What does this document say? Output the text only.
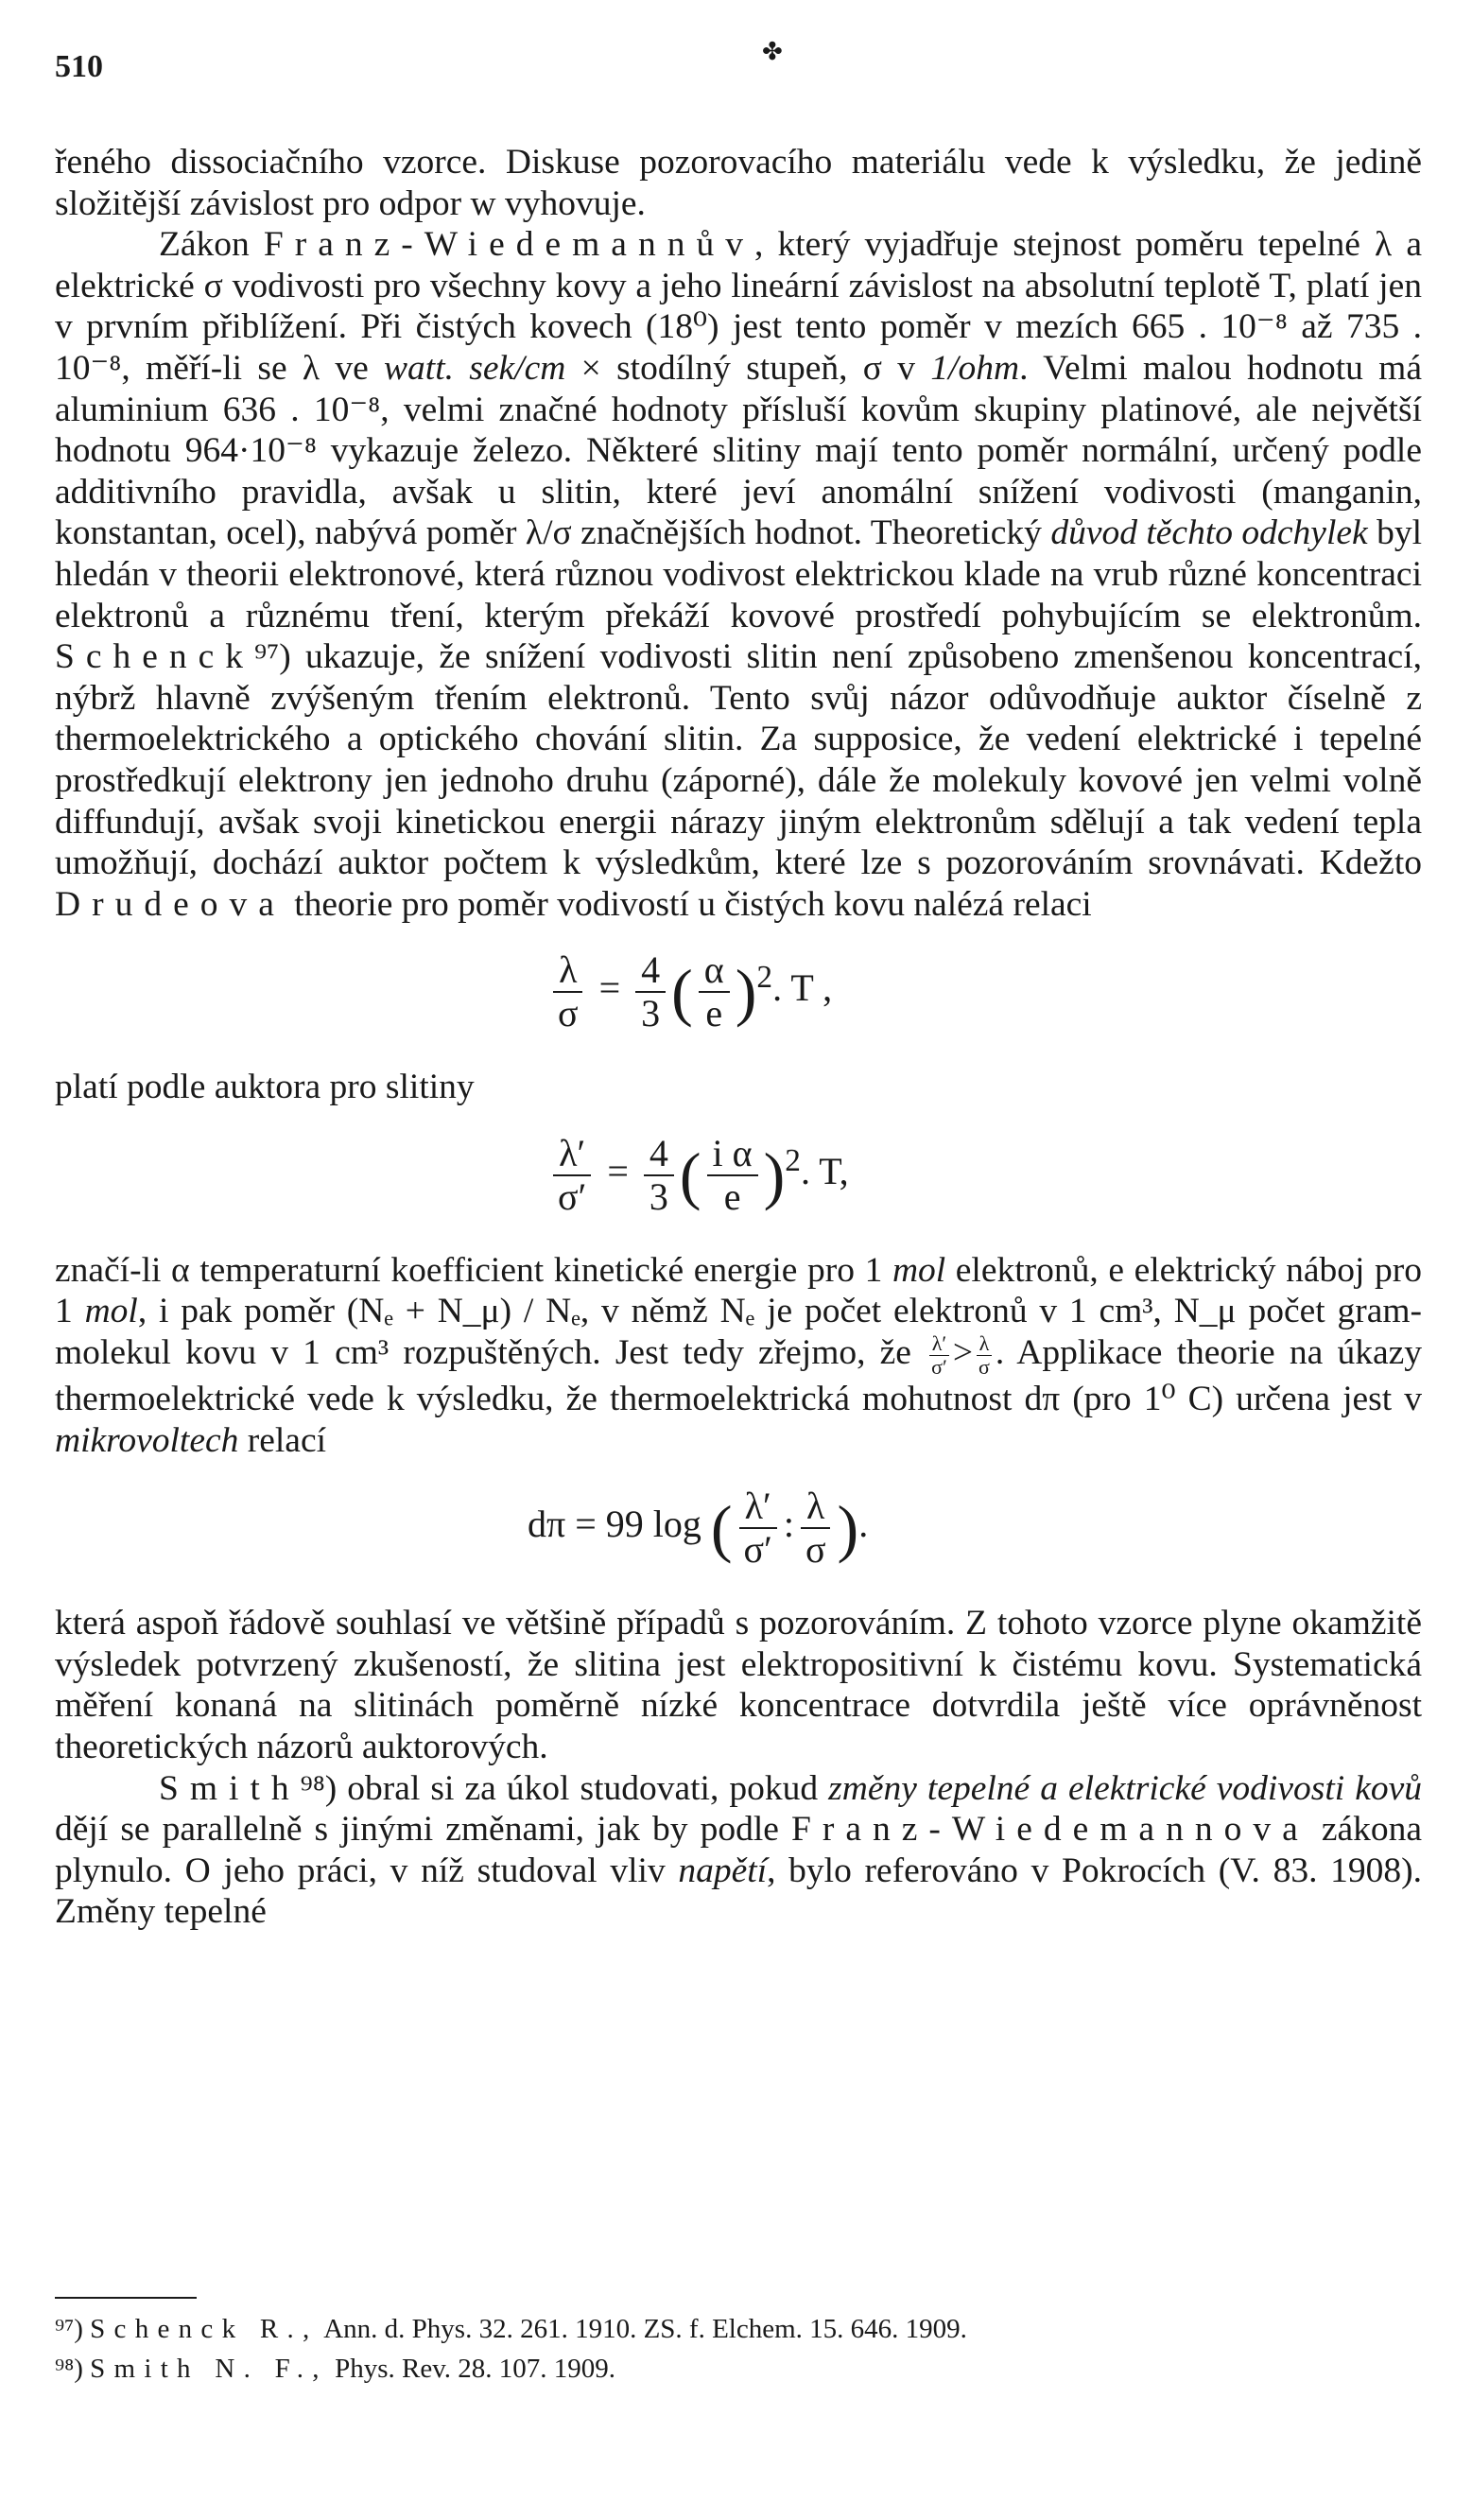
510	✤

řeného dissociačního vzorce. Diskuse pozorovacího materiálu vede k výsledku, že jedině složitější závislost pro odpor w vyhovuje.

Zákon Franz-Wiedemannův, který vyjadřuje stejnost poměru tepelné λ a elektrické σ vodivosti pro všechny kovy a jeho lineární závislost na absolutní teplotě T, platí jen v prvním přiblížení. Při čistých kovech (18⁰) jest tento poměr v mezích 665 . 10⁻⁸ až 735 . 10⁻⁸, měří-li se λ ve watt. sek/cm × stodílný stupeň, σ v 1/ohm. Velmi malou hodnotu má aluminium 636 . 10⁻⁸, velmi značné hodnoty přísluší kovům skupiny platinové, ale největší hodnotu 964·10⁻⁸ vykazuje železo. Některé slitiny mají tento poměr normální, určený podle additivního pravidla, avšak u slitin, které jeví anomální snížení vodivosti (manganin, konstantan, ocel), nabývá poměr λ/σ značnějších hodnot. Theoretický důvod těchto odchylek byl hledán v theorii elektronové, která různou vodivost elektrickou klade na vrub různé koncentraci elektronů a různému tření, kterým překáží kovové prostředí pohybujícím se elektronům. Schenck⁹⁷) ukazuje, že snížení vodivosti slitin není způsobeno zmenšenou koncentrací, nýbrž hlavně zvýšeným třením elektronů. Tento svůj názor odůvodňuje auktor číselně z thermoelektrického a optického chování slitin. Za supposice, že vedení elektrické i tepelné prostředkují elektrony jen jednoho druhu (záporné), dále že molekuly kovové jen velmi volně diffundují, avšak svoji kinetickou energii nárazy jiným elektronům sdělují a tak vedení tepla umožňují, dochází auktor počtem k výsledkům, které lze s pozorováním srovnávati. Kdežto Drudeova theorie pro poměr vodivostí u čistých kovu nalézá relaci

$\frac{\lambda}{\sigma} = \frac{4}{3}$ ( $\frac{\alpha}{e} )^2$. T ,

platí podle auktora pro slitiny

$\frac{\lambda'}{\sigma'} = \frac{4}{3}$ ( $\frac{\text{i α}}{e} )^2$. T,

značí-li α temperaturní koefficient kinetické energie pro 1 mol elektronů, e elektrický náboj pro 1 mol, i pak poměr (Nₑ + N_μ) / Nₑ, v němž Nₑ je počet elektronů v 1 cm³, N_μ počet gram-molekul kovu v 1 cm³ rozpuštěných. Jest tedy zřejmo, že $\frac{\lambda'}{\sigma'} > \frac{\lambda}{\sigma}$ . Applikace theorie na úkazy thermoelektrické vede k výsledku, že thermoelektrická mohutnost dπ (pro 1⁰ C) určena jest v mikrovoltech relací

dπ = 99 log ( $\frac{\lambda'}{\sigma'}$ : $\frac{\lambda}{\sigma}$ ).

která aspoň řádově souhlasí ve většině případů s pozorováním. Z tohoto vzorce plyne okamžitě výsledek potvrzený zkušeností, že slitina jest elektropositivní k čistému kovu. Systematická měření konaná na slitinách poměrně nízké koncentrace dotvrdila ještě více oprávněnost theoretických názorů auktorových.

Smith⁹⁸) obral si za úkol studovati, pokud změny tepelné a elektrické vodivosti kovů dějí se parallelně s jinými změnami, jak by podle Franz-Wiedemannova zákona plynulo. O jeho práci, v níž studoval vliv napětí, bylo referováno v Pokrocích (V. 83. 1908). Změny tepelné

⁹⁷) Schenck R., Ann. d. Phys. 32. 261. 1910. ZS. f. Elchem. 15. 646. 1909.
⁹⁸) Smith N. F., Phys. Rev. 28. 107. 1909.
